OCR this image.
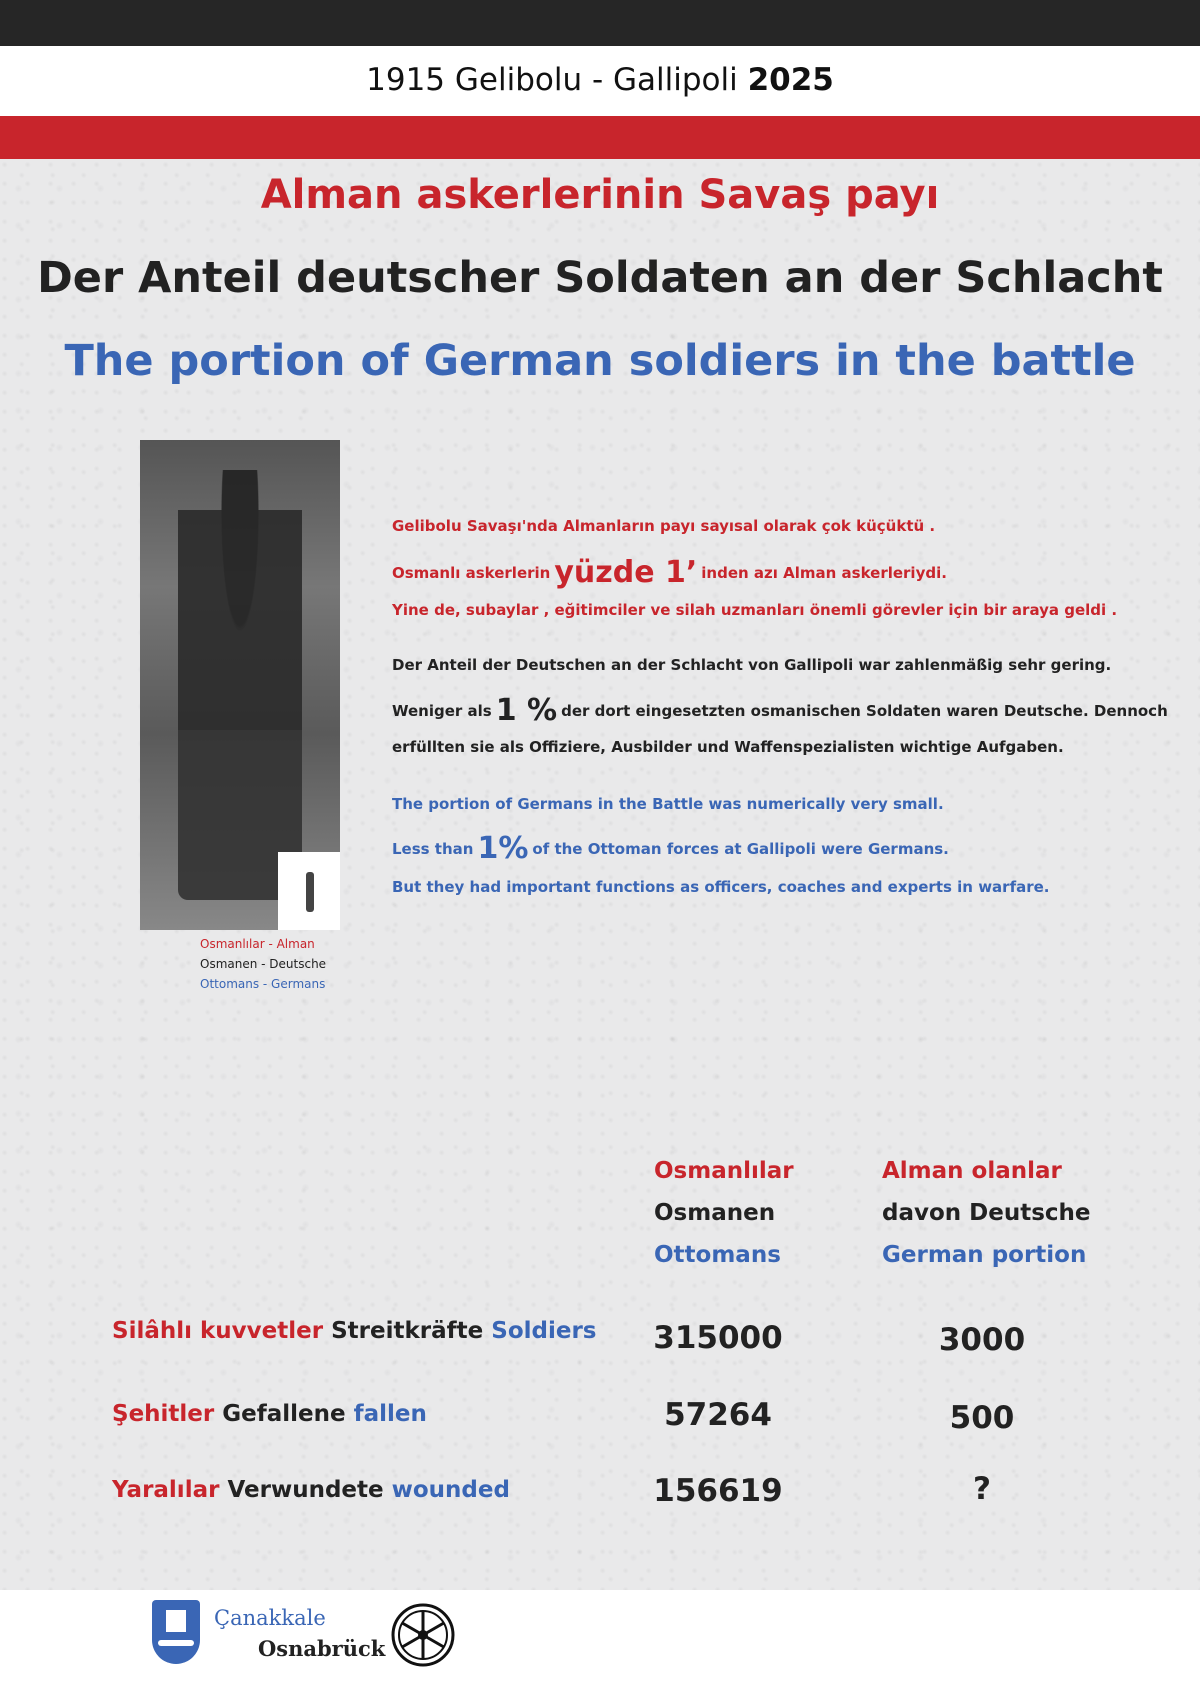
1915 Gelibolu - Gallipoli 2025
Alman askerlerinin Savaş payı
Der Anteil deutscher Soldaten an der Schlacht
The portion of German soldiers in the battle
Osmanlılar - Alman
Osmanen - Deutsche
Ottomans - Germans
Gelibolu Savaşı'nda Almanların payı sayısal olarak çok küçüktü .
Osmanlı askerlerin yüzde 1’ inden azı Alman askerleriydi.
Yine de, subaylar , eğitimciler ve silah uzmanları önemli görevler için bir araya geldi .
Der Anteil der Deutschen an der Schlacht von Gallipoli war zahlenmäßig sehr gering.
Weniger als 1 % der dort eingesetzten osmanischen Soldaten waren Deutsche. Dennoch
erfüllten sie als Offiziere, Ausbilder und Waffenspezialisten wichtige Aufgaben.
The portion of Germans in the Battle was numerically very small.
Less than 1% of the Ottoman forces at Gallipoli were Germans.
But they had important functions as officers, coaches and experts in warfare.
Osmanlılar
Osmanen
Ottomans
Alman olanlar
davon Deutsche
German portion
Silâhlı kuvvetler Streitkräfte Soldiers	315000	3000
Şehitler Gefallene fallen	57264	500
Yaralılar Verwundete wounded	156619	?
Çanakkale
Osnabrück
